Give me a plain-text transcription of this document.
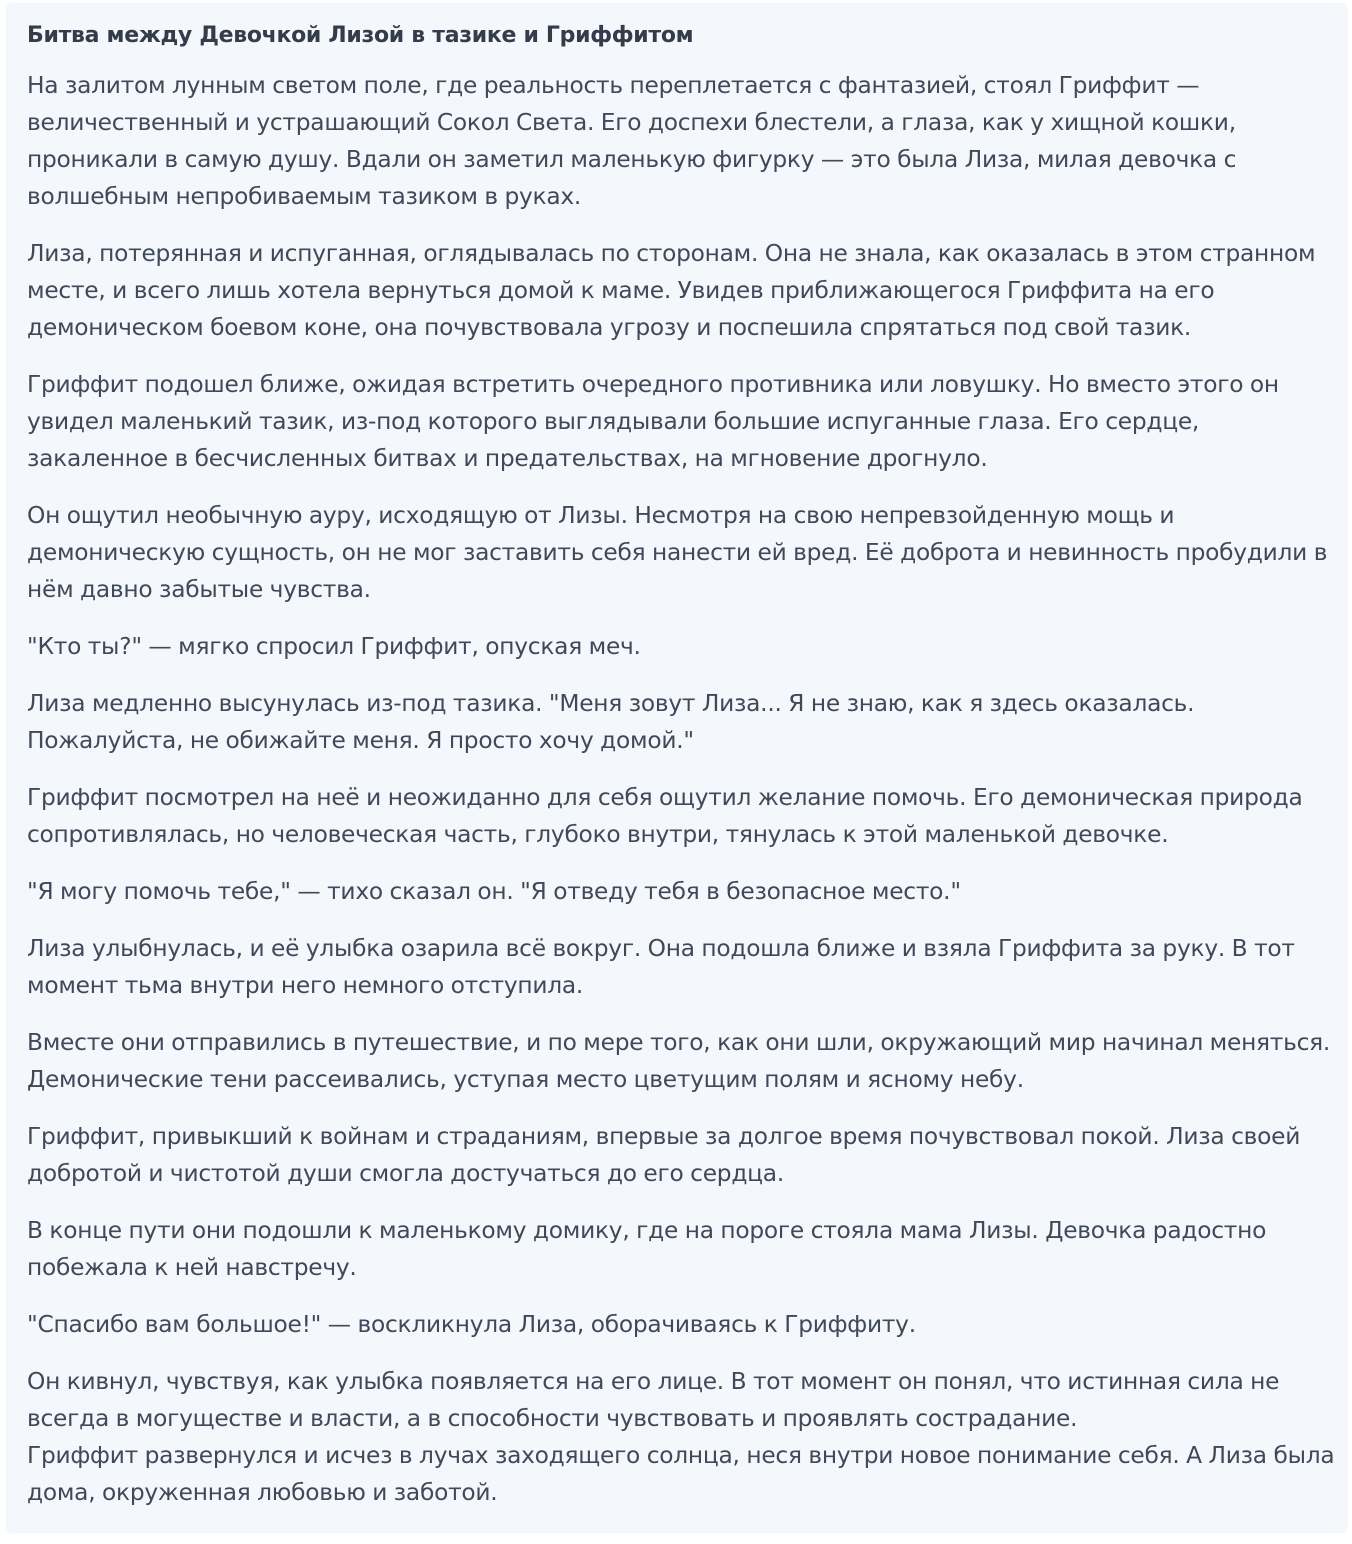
Битва между Девочкой Лизой в тазике и Гриффитом

На залитом лунным светом поле, где реальность переплетается с фантазией, стоял Гриффит — величественный и устрашающий Сокол Света. Его доспехи блестели, а глаза, как у хищной кошки, проникали в самую душу. Вдали он заметил маленькую фигурку — это была Лиза, милая девочка с волшебным непробиваемым тазиком в руках.

Лиза, потерянная и испуганная, оглядывалась по сторонам. Она не знала, как оказалась в этом странном месте, и всего лишь хотела вернуться домой к маме. Увидев приближающегося Гриффита на его демоническом боевом коне, она почувствовала угрозу и поспешила спрятаться под свой тазик.

Гриффит подошел ближе, ожидая встретить очередного противника или ловушку. Но вместо этого он увидел маленький тазик, из-под которого выглядывали большие испуганные глаза. Его сердце, закаленное в бесчисленных битвах и предательствах, на мгновение дрогнуло.

Он ощутил необычную ауру, исходящую от Лизы. Несмотря на свою непревзойденную мощь и демоническую сущность, он не мог заставить себя нанести ей вред. Её доброта и невинность пробудили в нём давно забытые чувства.

"Кто ты?" — мягко спросил Гриффит, опуская меч.

Лиза медленно высунулась из-под тазика. "Меня зовут Лиза... Я не знаю, как я здесь оказалась. Пожалуйста, не обижайте меня. Я просто хочу домой."

Гриффит посмотрел на неё и неожиданно для себя ощутил желание помочь. Его демоническая природа сопротивлялась, но человеческая часть, глубоко внутри, тянулась к этой маленькой девочке.

"Я могу помочь тебе," — тихо сказал он. "Я отведу тебя в безопасное место."

Лиза улыбнулась, и её улыбка озарила всё вокруг. Она подошла ближе и взяла Гриффита за руку. В тот момент тьма внутри него немного отступила.

Вместе они отправились в путешествие, и по мере того, как они шли, окружающий мир начинал меняться. Демонические тени рассеивались, уступая место цветущим полям и ясному небу.

Гриффит, привыкший к войнам и страданиям, впервые за долгое время почувствовал покой. Лиза своей добротой и чистотой души смогла достучаться до его сердца.

В конце пути они подошли к маленькому домику, где на пороге стояла мама Лизы. Девочка радостно побежала к ней навстречу.

"Спасибо вам большое!" — воскликнула Лиза, оборачиваясь к Гриффиту.

Он кивнул, чувствуя, как улыбка появляется на его лице. В тот момент он понял, что истинная сила не всегда в могуществе и власти, а в способности чувствовать и проявлять сострадание.

Гриффит развернулся и исчез в лучах заходящего солнца, неся внутри новое понимание себя. А Лиза была дома, окруженная любовью и заботой.
